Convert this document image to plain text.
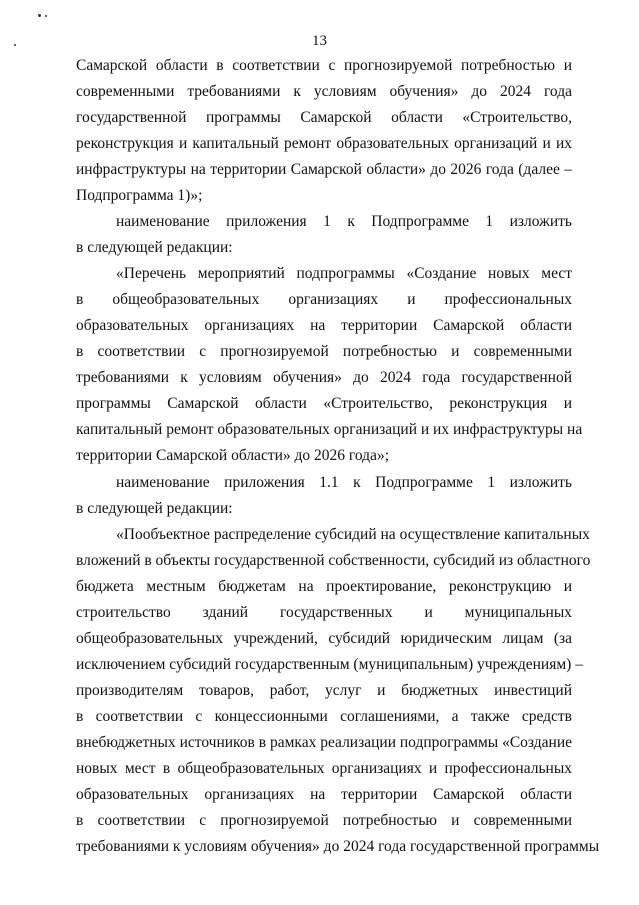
13
Самарской области в соответствии с прогнозируемой потребностью и
современными требованиями к условиям обучения» до 2024 года
государственной программы Самарской области «Строительство,
реконструкция и капитальный ремонт образовательных организаций и их
инфраструктуры на территории Самарской области» до 2026 года (далее –
Подпрограмма 1)»;
наименование приложения 1 к Подпрограмме 1 изложить
в следующей редакции:
«Перечень мероприятий подпрограммы «Создание новых мест
в общеобразовательных организациях и профессиональных
образовательных организациях на территории Самарской области
в соответствии с прогнозируемой потребностью и современными
требованиями к условиям обучения» до 2024 года государственной
программы Самарской области «Строительство, реконструкция и
капитальный ремонт образовательных организаций и их инфраструктуры на
территории Самарской области» до 2026 года»;
наименование приложения 1.1 к Подпрограмме 1 изложить
в следующей редакции:
«Пообъектное распределение субсидий на осуществление капитальных
вложений в объекты государственной собственности, субсидий из областного
бюджета местным бюджетам на проектирование, реконструкцию и
строительство зданий государственных и муниципальных
общеобразовательных учреждений, субсидий юридическим лицам (за
исключением субсидий государственным (муниципальным) учреждениям) –
производителям товаров, работ, услуг и бюджетных инвестиций
в соответствии с концессионными соглашениями, а также средств
внебюджетных источников в рамках реализации подпрограммы «Создание
новых мест в общеобразовательных организациях и профессиональных
образовательных организациях на территории Самарской области
в соответствии с прогнозируемой потребностью и современными
требованиями к условиям обучения» до 2024 года государственной программы
